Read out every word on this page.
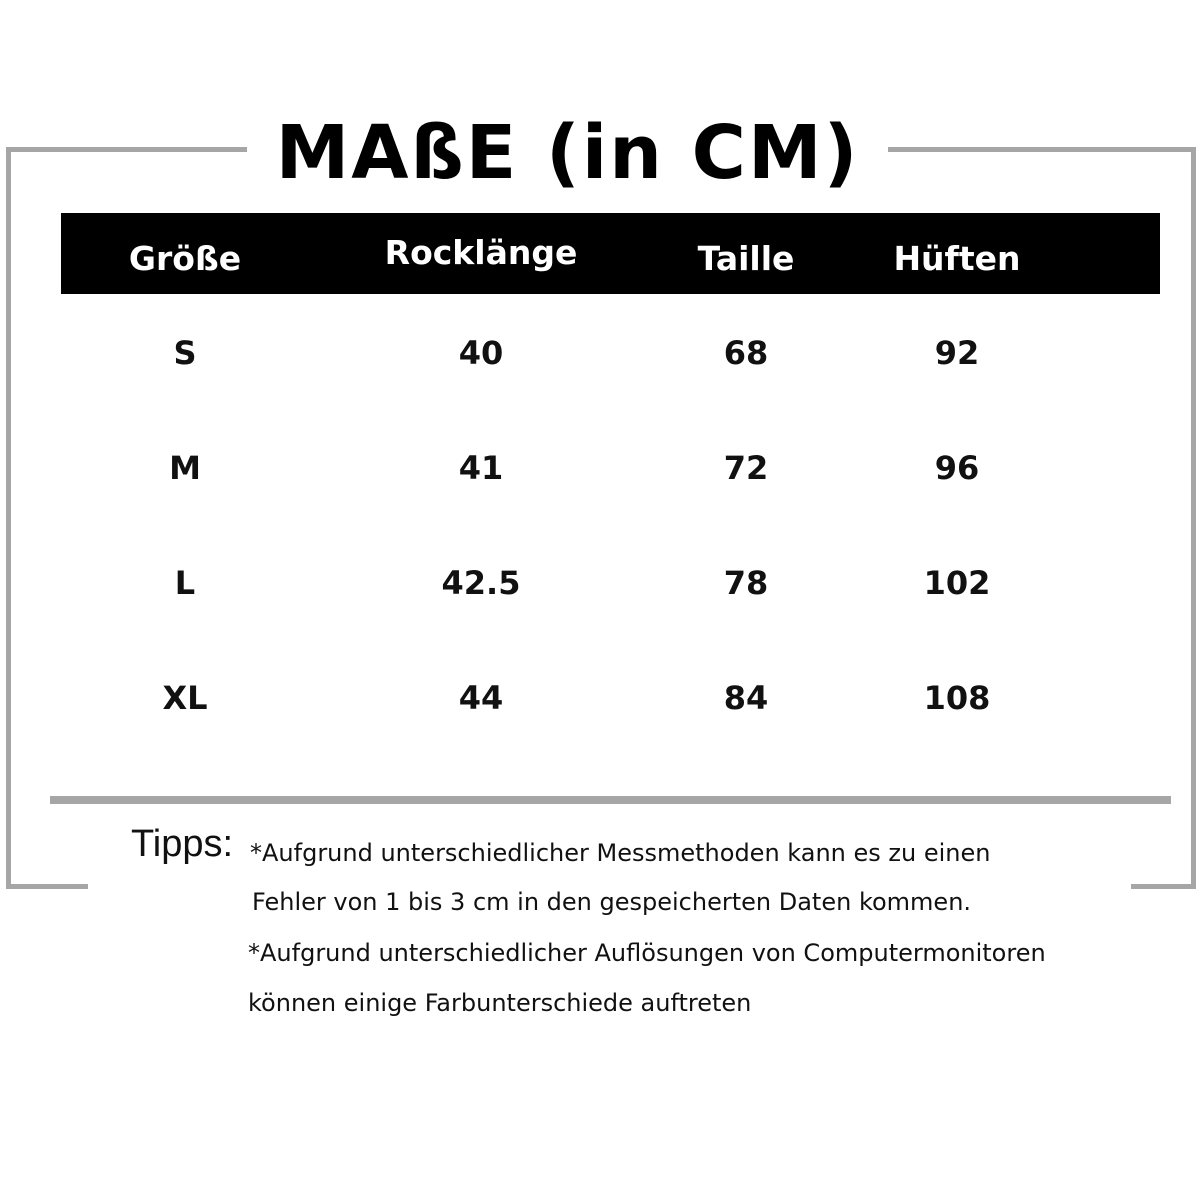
MAßE (in CM)
Größe	Rocklänge	Taille	Hüften
S	40	68	92
M	41	72	96
L	42.5	78	102
XL	44	84	108
Tipps: *Aufgrund unterschiedlicher Messmethoden kann es zu einen
Fehler von 1 bis 3 cm in den gespeicherten Daten kommen.
*Aufgrund unterschiedlicher Auflösungen von Computermonitoren
können einige Farbunterschiede auftreten
